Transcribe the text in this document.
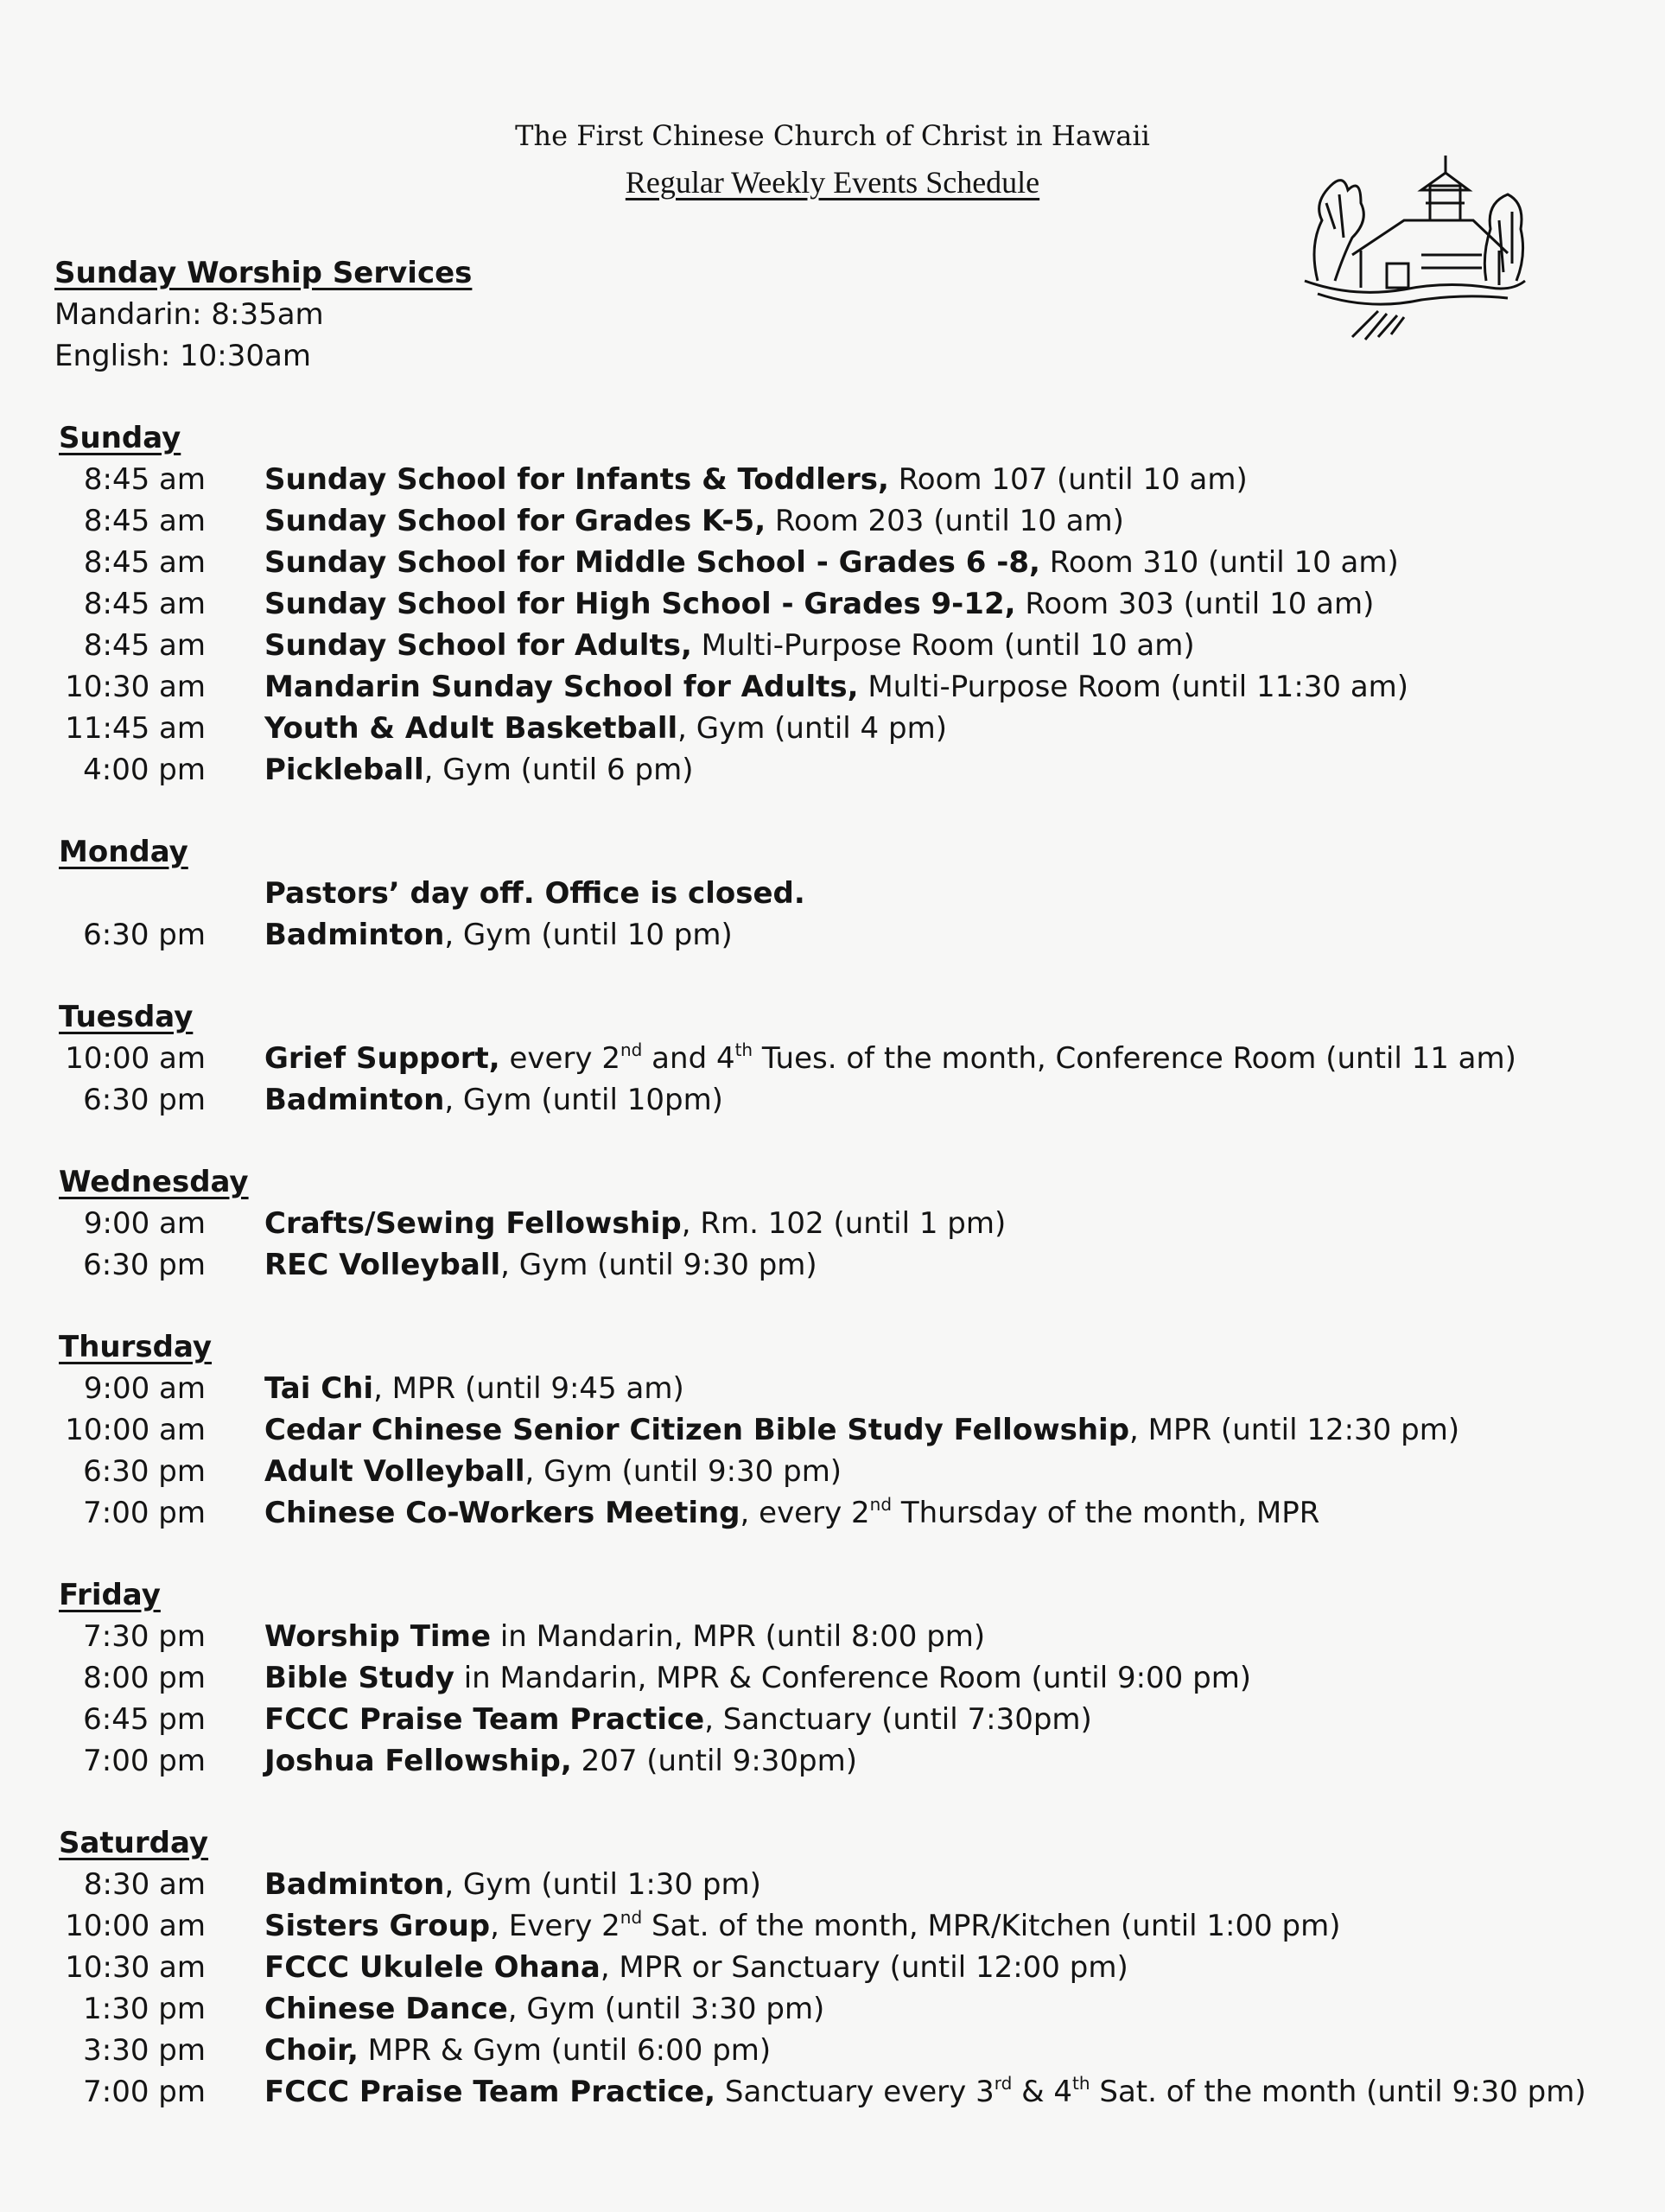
The First Chinese Church of Christ in Hawaii
Regular Weekly Events Schedule
Sunday Worship Services
Mandarin: 8:35am
English: 10:30am
Sunday
8:45 am	Sunday School for Infants & Toddlers, Room 107 (until 10 am)
8:45 am	Sunday School for Grades K-5, Room 203 (until 10 am)
8:45 am	Sunday School for Middle School - Grades 6 -8, Room 310 (until 10 am)
8:45 am	Sunday School for High School - Grades 9-12, Room 303 (until 10 am)
8:45 am	Sunday School for Adults, Multi-Purpose Room (until 10 am)
10:30 am	Mandarin Sunday School for Adults, Multi-Purpose Room (until 11:30 am)
11:45 am	Youth & Adult Basketball, Gym (until 4 pm)
4:00 pm	Pickleball, Gym (until 6 pm)
Monday
Pastors’ day off. Office is closed.
6:30 pm	Badminton, Gym (until 10 pm)
Tuesday
10:00 am	Grief Support, every 2nd and 4th Tues. of the month, Conference Room (until 11 am)
6:30 pm	Badminton, Gym (until 10pm)
Wednesday
9:00 am	Crafts/Sewing Fellowship, Rm. 102 (until 1 pm)
6:30 pm	REC Volleyball, Gym (until 9:30 pm)
Thursday
9:00 am	Tai Chi, MPR (until 9:45 am)
10:00 am	Cedar Chinese Senior Citizen Bible Study Fellowship, MPR (until 12:30 pm)
6:30 pm	Adult Volleyball, Gym (until 9:30 pm)
7:00 pm	Chinese Co-Workers Meeting, every 2nd Thursday of the month, MPR
Friday
7:30 pm	Worship Time in Mandarin, MPR (until 8:00 pm)
8:00 pm	Bible Study in Mandarin, MPR & Conference Room (until 9:00 pm)
6:45 pm	FCCC Praise Team Practice, Sanctuary (until 7:30pm)
7:00 pm	Joshua Fellowship, 207 (until 9:30pm)
Saturday
8:30 am	Badminton, Gym (until 1:30 pm)
10:00 am	Sisters Group, Every 2nd Sat. of the month, MPR/Kitchen (until 1:00 pm)
10:30 am	FCCC Ukulele Ohana, MPR or Sanctuary (until 12:00 pm)
1:30 pm	Chinese Dance, Gym (until 3:30 pm)
3:30 pm	Choir, MPR & Gym (until 6:00 pm)
7:00 pm	FCCC Praise Team Practice, Sanctuary every 3rd & 4th Sat. of the month (until 9:30 pm)
